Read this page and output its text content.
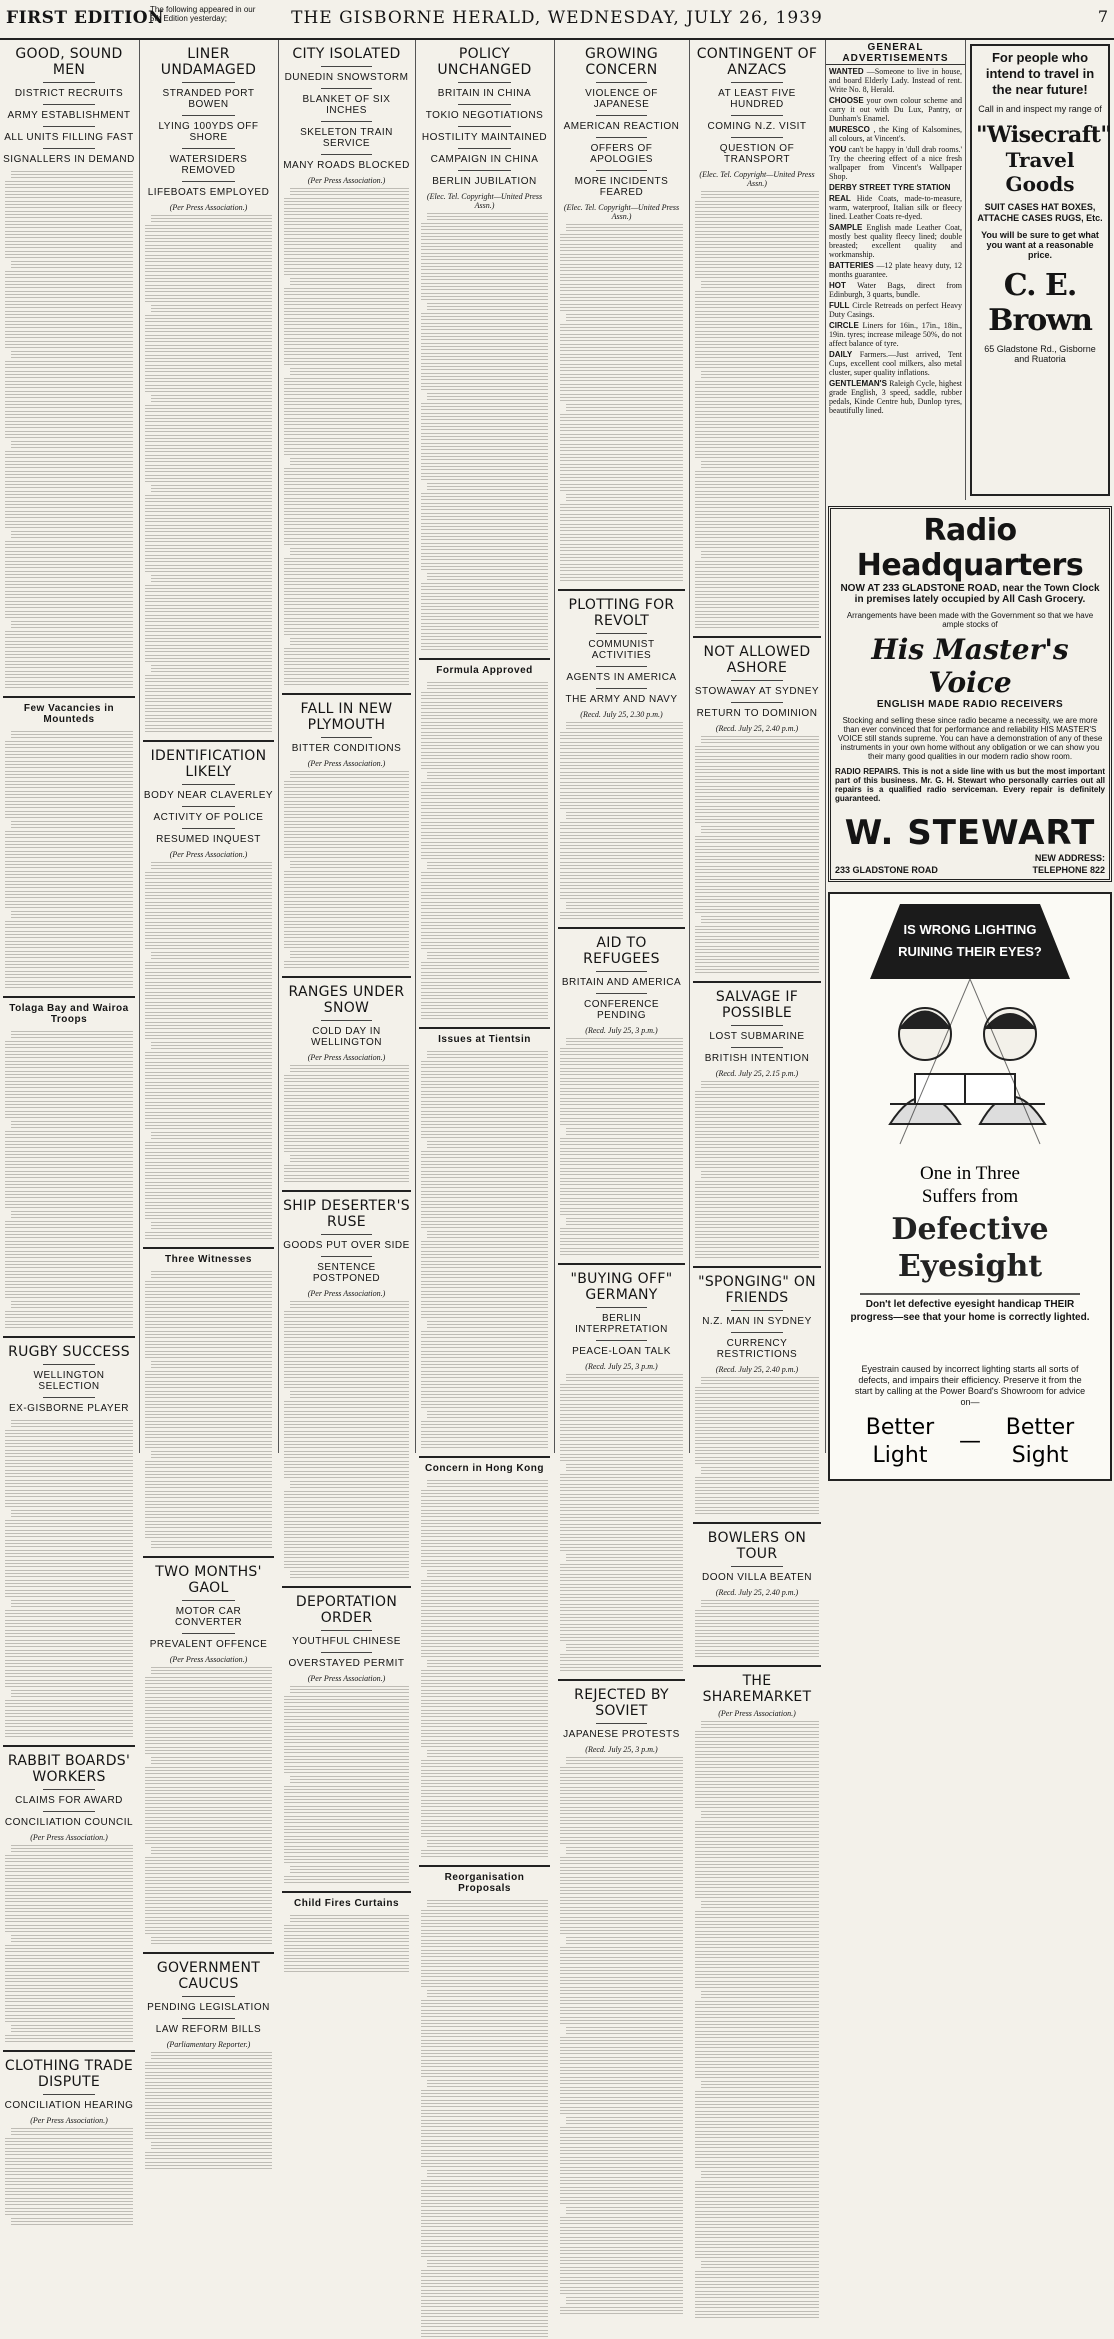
FIRST EDITION
The following appeared in our 5th Edition yesterday;	THE GISBORNE HERALD, WEDNESDAY, JULY 26, 1939	7
GOOD, SOUND MEN
DISTRICT RECRUITS
ARMY ESTABLISHMENT
ALL UNITS FILLING FAST
SIGNALLERS IN DEMAND
Few Vacancies in Mounteds
Tolaga Bay and Wairoa Troops
RUGBY SUCCESS
WELLINGTON SELECTION
EX-GISBORNE PLAYER
RABBIT BOARDS' WORKERS
CLAIMS FOR AWARD
CONCILIATION COUNCIL
(Per Press Association.)
CLOTHING TRADE DISPUTE
CONCILIATION HEARING
(Per Press Association.)
LINER UNDAMAGED
STRANDED PORT BOWEN
LYING 100YDS OFF SHORE
WATERSIDERS REMOVED
LIFEBOATS EMPLOYED
(Per Press Association.)
IDENTIFICATION LIKELY
BODY NEAR CLAVERLEY
ACTIVITY OF POLICE
RESUMED INQUEST
(Per Press Association.)
Three Witnesses
TWO MONTHS' GAOL
MOTOR CAR CONVERTER
PREVALENT OFFENCE
(Per Press Association.)
GOVERNMENT CAUCUS
PENDING LEGISLATION
LAW REFORM BILLS
(Parliamentary Reporter.)
CITY ISOLATED
DUNEDIN SNOWSTORM
BLANKET OF SIX INCHES
SKELETON TRAIN SERVICE
MANY ROADS BLOCKED
(Per Press Association.)
FALL IN NEW PLYMOUTH
BITTER CONDITIONS
(Per Press Association.)
RANGES UNDER SNOW
COLD DAY IN WELLINGTON
(Per Press Association.)
SHIP DESERTER'S RUSE
GOODS PUT OVER SIDE
SENTENCE POSTPONED
(Per Press Association.)
DEPORTATION ORDER
YOUTHFUL CHINESE
OVERSTAYED PERMIT
(Per Press Association.)
Child Fires Curtains
POLICY UNCHANGED
BRITAIN IN CHINA
TOKIO NEGOTIATIONS
HOSTILITY MAINTAINED
CAMPAIGN IN CHINA
BERLIN JUBILATION
(Elec. Tel. Copyright—United Press Assn.)
Formula Approved
Issues at Tientsin
Concern in Hong Kong
Reorganisation Proposals
GROWING CONCERN
VIOLENCE OF JAPANESE
AMERICAN REACTION
OFFERS OF APOLOGIES
MORE INCIDENTS FEARED
(Elec. Tel. Copyright—United Press Assn.)
PLOTTING FOR REVOLT
COMMUNIST ACTIVITIES
AGENTS IN AMERICA
THE ARMY AND NAVY
(Recd. July 25, 2.30 p.m.)
AID TO REFUGEES
BRITAIN AND AMERICA
CONFERENCE PENDING
(Recd. July 25, 3 p.m.)
"BUYING OFF" GERMANY
BERLIN INTERPRETATION
PEACE-LOAN TALK
(Recd. July 25, 3 p.m.)
REJECTED BY SOVIET
JAPANESE PROTESTS
(Recd. July 25, 3 p.m.)
CONTINGENT OF ANZACS
AT LEAST FIVE HUNDRED
COMING N.Z. VISIT
QUESTION OF TRANSPORT
(Elec. Tel. Copyright—United Press Assn.)
NOT ALLOWED ASHORE
STOWAWAY AT SYDNEY
RETURN TO DOMINION
(Recd. July 25, 2.40 p.m.)
SALVAGE IF POSSIBLE
LOST SUBMARINE
BRITISH INTENTION
(Recd. July 25, 2.15 p.m.)
"SPONGING" ON FRIENDS
N.Z. MAN IN SYDNEY
CURRENCY RESTRICTIONS
(Recd. July 25, 2.40 p.m.)
BOWLERS ON TOUR
DOON VILLA BEATEN
(Recd. July 25, 2.40 p.m.)
THE SHAREMARKET
(Per Press Association.)
GENERAL ADVERTISEMENTS
WANTED —Someone to live in house, and board Elderly Lady. Instead of rent. Write No. 8, Herald.
CHOOSE your own colour scheme and carry it out with Du Lux, Pantry, or Dunham's Enamel.
MURESCO , the King of Kalsomines, all colours, at Vincent's.
YOU can't be happy in 'dull drab rooms.' Try the cheering effect of a nice fresh wallpaper from Vincent's Wallpaper Shop.
DERBY STREET TYRE STATION
REAL Hide Coats, made-to-measure, warm, waterproof, Italian silk or fleecy lined. Leather Coats re-dyed.
SAMPLE English made Leather Coat, mostly best quality fleecy lined; double breasted; excellent quality and workmanship.
BATTERIES —12 plate heavy duty, 12 months guarantee.
HOT Water Bags, direct from Edinburgh, 3 quarts, bundle.
FULL Circle Retreads on perfect Heavy Duty Casings.
CIRCLE Liners for 16in., 17in., 18in., 19in. tyres; increase mileage 50%, do not affect balance of tyre.
DAILY Farmers.—Just arrived, Tent Cups, excellent cool milkers, also metal cluster, super quality inflations.
GENTLEMAN'S Raleigh Cycle, highest grade English, 3 speed, saddle, rubber pedals, Kinde Centre hub, Dunlop tyres, beautifully lined.
For people who intend to travel in the near future!
Call in and inspect my range of
"Wisecraft"
Travel Goods
SUIT CASES HAT BOXES, ATTACHE CASES RUGS, Etc.
You will be sure to get what you want at a reasonable price.
C. E. Brown
65 Gladstone Rd., Gisborne and Ruatoria
Radio Headquarters
NOW AT 233 GLADSTONE ROAD, near the Town Clock in premises lately occupied by All Cash Grocery.
Arrangements have been made with the Government so that we have ample stocks of
His Master's Voice
ENGLISH MADE RADIO RECEIVERS
Stocking and selling these since radio became a necessity, we are more than ever convinced that for performance and reliability HIS MASTER'S VOICE still stands supreme. You can have a demonstration of any of these instruments in your own home without any obligation or we can show you their many good qualities in our modern radio show room.
RADIO REPAIRS. This is not a side line with us but the most important part of this business. Mr. G. H. Stewart who personally carries out all repairs is a qualified radio serviceman. Every repair is definitely guaranteed.
W. STEWART
NEW ADDRESS:
233 GLADSTONE ROAD	TELEPHONE 822
IS WRONG LIGHTING
RUINING THEIR EYES?
One in Three
Suffers from
Defective
Eyesight
Don't let defective eyesight handicap THEIR progress—see that your home is correctly lighted.
Eyestrain caused by incorrect lighting starts all sorts of defects, and impairs their efficiency. Preserve it from the start by calling at the Power Board's Showroom for advice on—
Better
Light
—
Better
Sight
